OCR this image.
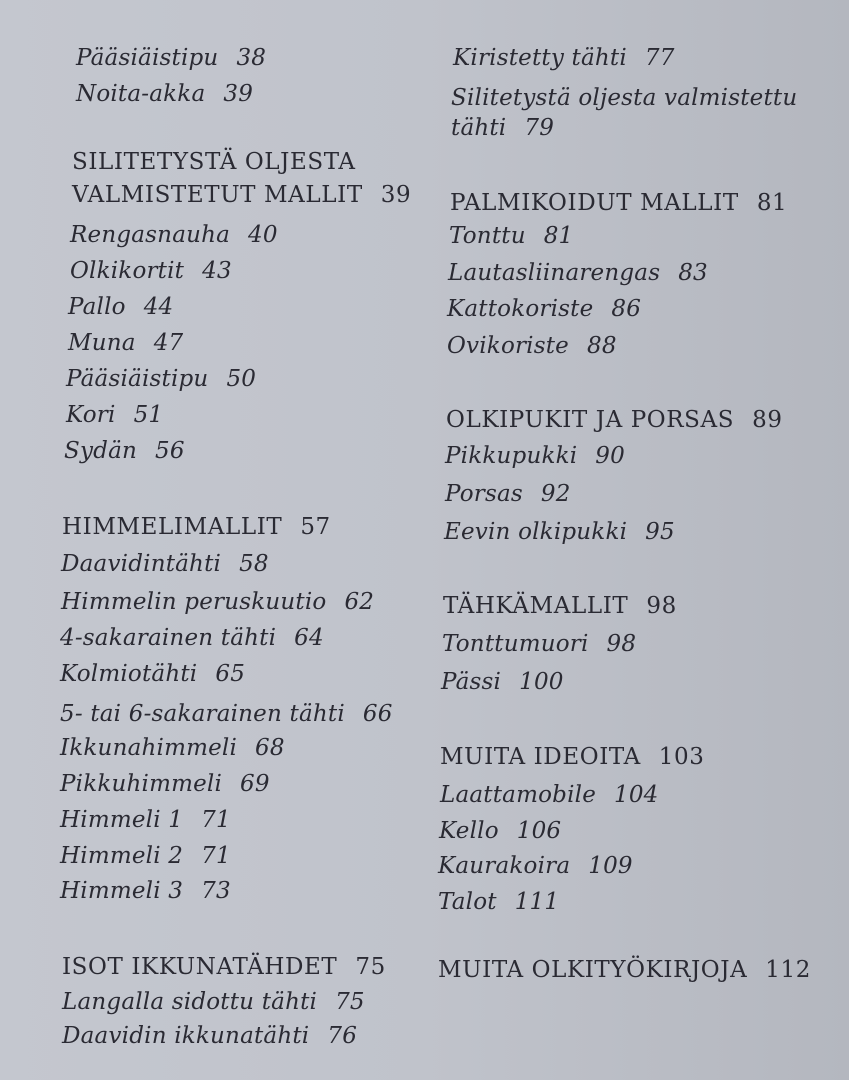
Pääsiäistipu 38
Noita-akka 39
SILITETYSTÄ OLJESTA
VALMISTETUT MALLIT 39
Rengasnauha 40
Olkikortit 43
Pallo 44
Muna 47
Pääsiäistipu 50
Kori 51
Sydän 56
HIMMELIMALLIT 57
Daavidintähti 58
Himmelin peruskuutio 62
4-sakarainen tähti 64
Kolmiotähti 65
5- tai 6-sakarainen tähti 66
Ikkunahimmeli 68
Pikkuhimmeli 69
Himmeli 1 71
Himmeli 2 71
Himmeli 3 73
ISOT IKKUNATÄHDET 75
Langalla sidottu tähti 75
Daavidin ikkunatähti 76
Kiristetty tähti 77
Silitetystä oljesta valmistettu
tähti 79
PALMIKOIDUT MALLIT 81
Tonttu 81
Lautasliinarengas 83
Kattokoriste 86
Ovikoriste 88
OLKIPUKIT JA PORSAS 89
Pikkupukki 90
Porsas 92
Eevin olkipukki 95
TÄHKÄMALLIT 98
Tonttumuori 98
Pässi 100
MUITA IDEOITA 103
Laattamobile 104
Kello 106
Kaurakoira 109
Talot 111
MUITA OLKITYÖKIRJOJA 112
